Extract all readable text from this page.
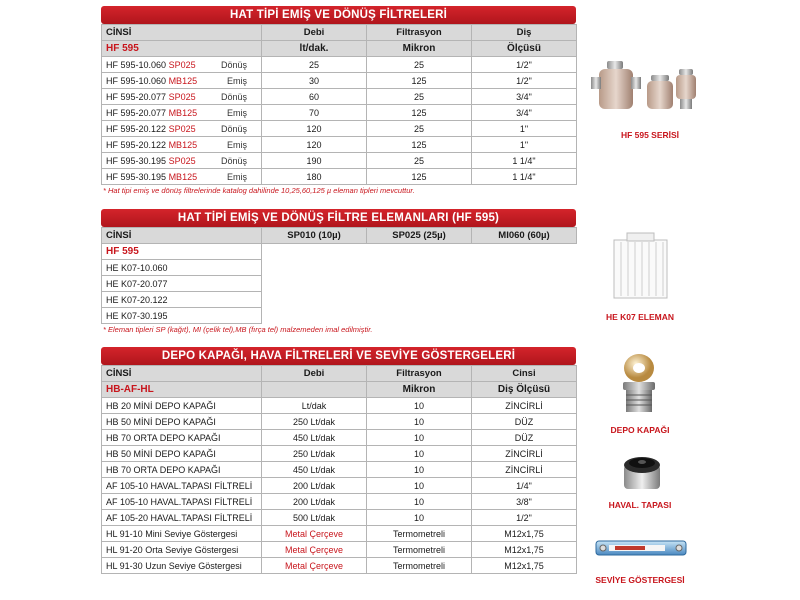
HAT TİPİ EMİŞ VE DÖNÜŞ FİLTRELERİ
CİNSİ	Debi	Filtrasyon	Diş
HF 595	lt/dak.	Mikron	Ölçüsü
HF 595-10.060 SP025 Dönüş	25	25	1/2"
HF 595-10.060 MB125 Emiş	30	125	1/2"
HF 595-20.077 SP025 Dönüş	60	25	3/4"
HF 595-20.077 MB125 Emiş	70	125	3/4"
HF 595-20.122 SP025 Dönüş	120	25	1"
HF 595-20.122 MB125 Emiş	120	125	1"
HF 595-30.195 SP025 Dönüş	190	25	1 1/4"
HF 595-30.195 MB125 Emiş	180	125	1 1/4"
* Hat tipi emiş ve dönüş filtrelerinde katalog dahilinde 10,25,60,125 µ eleman tipleri mevcuttur.
HAT TİPİ EMİŞ VE DÖNÜŞ FİLTRE ELEMANLARI (HF 595)
CİNSİ	SP010 (10µ)	SP025 (25µ)	MI060 (60µ)
HF 595			
HE K07-10.060			
HE K07-20.077			
HE K07-20.122			
HE K07-30.195			
* Eleman tipleri SP (kağıt), MI (çelik tel),MB (fırça tel) malzemeden imal edilmiştir.
DEPO KAPAĞI, HAVA FİLTRELERİ VE SEVİYE GÖSTERGELERİ
CİNSİ	Debi	Filtrasyon	Cinsi
HB-AF-HL		Mikron	Diş Ölçüsü
HB 20 MİNİ DEPO KAPAĞI	Lt/dak	10	ZİNCİRLİ
HB 50 MİNİ DEPO KAPAĞI	250 Lt/dak	10	DÜZ
HB 70 ORTA DEPO KAPAĞI	450 Lt/dak	10	DÜZ
HB 50 MİNİ DEPO KAPAĞI	250 Lt/dak	10	ZİNCİRLİ
HB 70 ORTA DEPO KAPAĞI	450 Lt/dak	10	ZİNCİRLİ
AF 105-10 HAVAL.TAPASI FİLTRELİ	200 Lt/dak	10	1/4"
AF 105-10 HAVAL.TAPASI FİLTRELİ	200 Lt/dak	10	3/8"
AF 105-20 HAVAL.TAPASI FİLTRELİ	500 Lt/dak	10	1/2"
HL 91-10 Mini Seviye Göstergesi	Metal Çerçeve	Termometreli	M12x1,75
HL 91-20 Orta Seviye Göstergesi	Metal Çerçeve	Termometreli	M12x1,75
HL 91-30 Uzun Seviye Göstergesi	Metal Çerçeve	Termometreli	M12x1,75
HF 595 SERİSİ
HE K07 ELEMAN
DEPO KAPAĞI
HAVAL. TAPASI
SEVİYE GÖSTERGESİ
